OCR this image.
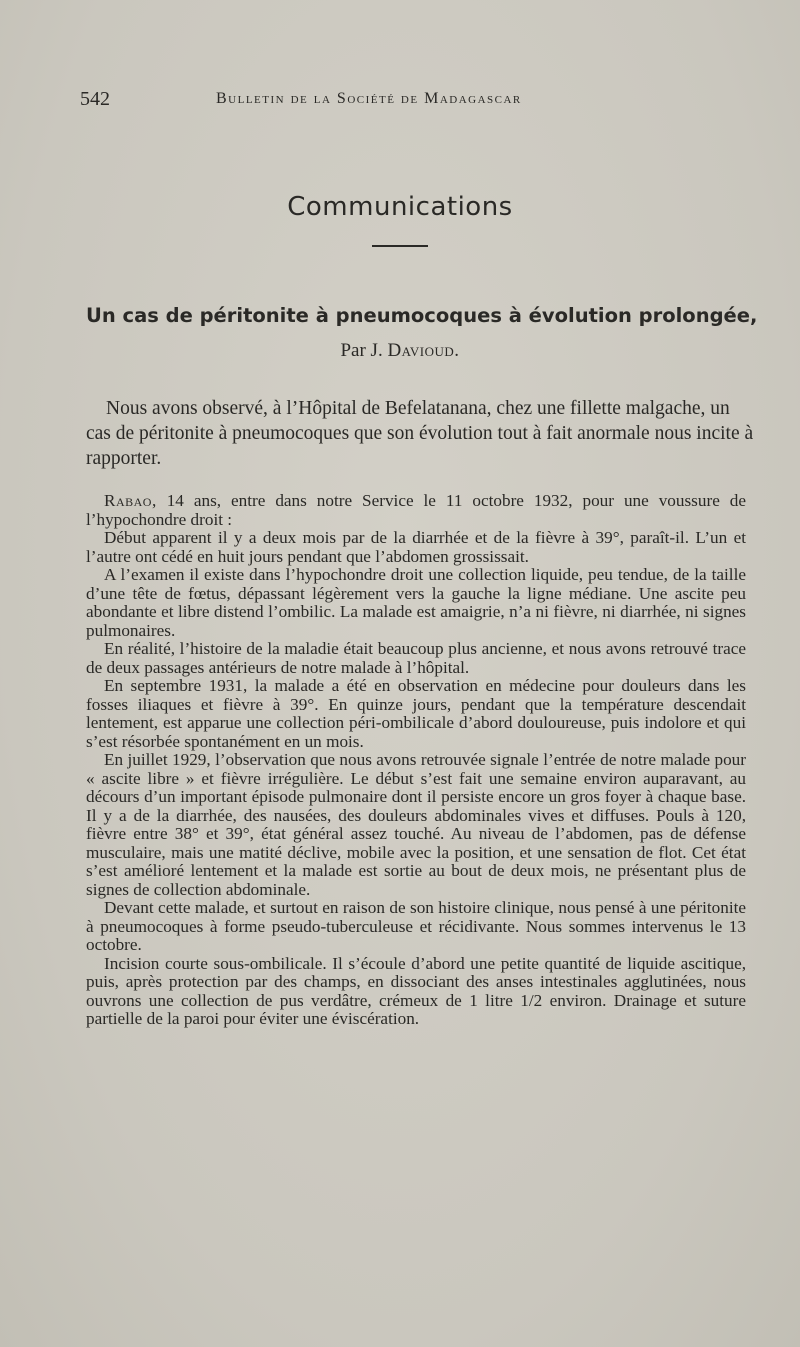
542	Bulletin de la Société de Madagascar
Communications
Un cas de péritonite à pneumocoques à évolution prolongée,
Par J. Davioud.

Nous avons observé, à l’Hôpital de Befelatanana, chez une fillette malgache, un cas de péritonite à pneumocoques que son évolution tout à fait anormale nous incite à rapporter.

Rabao, 14 ans, entre dans notre Service le 11 octobre 1932, pour une voussure de l’hypochondre droit :

Début apparent il y a deux mois par de la diarrhée et de la fièvre à 39°, paraît-il. L’un et l’autre ont cédé en huit jours pendant que l’abdomen grossissait.

A l’examen il existe dans l’hypochondre droit une collection liquide, peu tendue, de la taille d’une tête de fœtus, dépassant légèrement vers la gauche la ligne médiane. Une ascite peu abondante et libre distend l’ombilic. La malade est amaigrie, n’a ni fièvre, ni diarrhée, ni signes pulmonaires.

En réalité, l’histoire de la maladie était beaucoup plus ancienne, et nous avons retrouvé trace de deux passages antérieurs de notre malade à l’hôpital.

En septembre 1931, la malade a été en observation en médecine pour douleurs dans les fosses iliaques et fièvre à 39°. En quinze jours, pendant que la température descendait lentement, est apparue une collection péri-ombilicale d’abord douloureuse, puis indolore et qui s’est résorbée spontanément en un mois.

En juillet 1929, l’observation que nous avons retrouvée signale l’entrée de notre malade pour « ascite libre » et fièvre irrégulière. Le début s’est fait une semaine environ auparavant, au décours d’un important épisode pulmonaire dont il persiste encore un gros foyer à chaque base. Il y a de la diarrhée, des nausées, des douleurs abdominales vives et diffuses. Pouls à 120, fièvre entre 38° et 39°, état général assez touché. Au niveau de l’abdomen, pas de défense musculaire, mais une matité déclive, mobile avec la position, et une sensation de flot. Cet état s’est amélioré lentement et la malade est sortie au bout de deux mois, ne présentant plus de signes de collection abdominale.

Devant cette malade, et surtout en raison de son histoire clinique, nous pensé à une péritonite à pneumocoques à forme pseudo-tuberculeuse et récidivante. Nous sommes intervenus le 13 octobre.

Incision courte sous-ombilicale. Il s’écoule d’abord une petite quantité de liquide ascitique, puis, après protection par des champs, en dissociant des anses intestinales agglutinées, nous ouvrons une collection de pus verdâtre, crémeux de 1 litre 1/2 environ. Drainage et suture partielle de la paroi pour éviter une éviscération.
